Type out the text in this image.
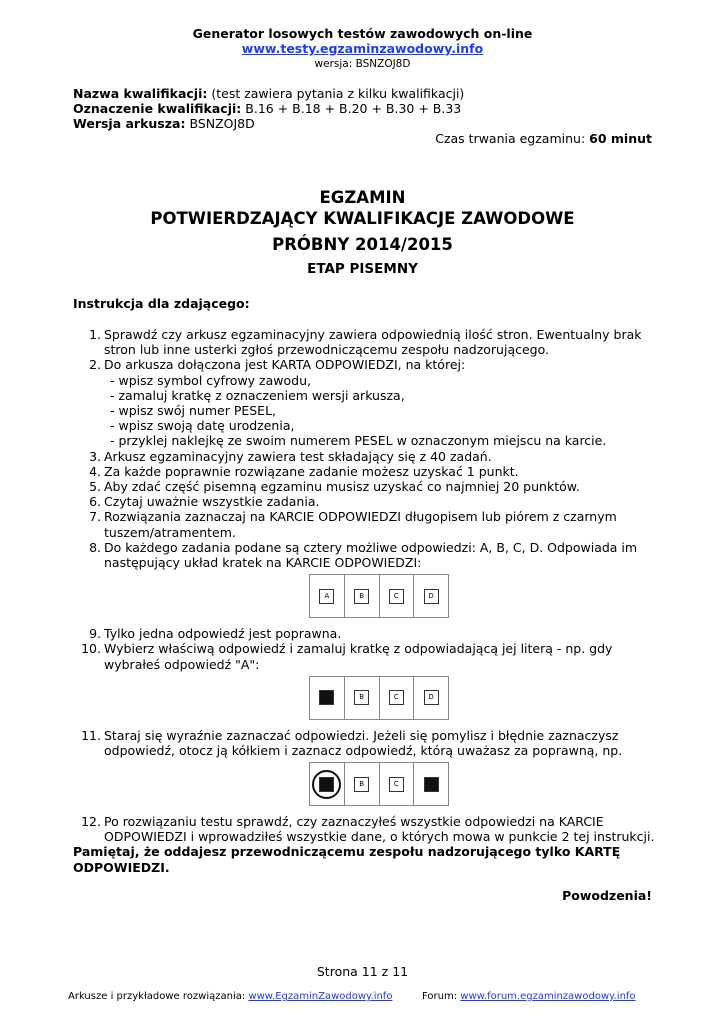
Generator losowych testów zawodowych on-line
www.testy.egzaminzawodowy.info
wersja: BSNZOJ8D
Nazwa kwalifikacji: (test zawiera pytania z kilku kwalifikacji)
Oznaczenie kwalifikacji: B.16 + B.18 + B.20 + B.30 + B.33
Wersja arkusza: BSNZOJ8D
Czas trwania egzaminu: 60 minut
EGZAMIN
POTWIERDZAJĄCY KWALIFIKACJE ZAWODOWE
PRÓBNY 2014/2015
ETAP PISEMNY
Instrukcja dla zdającego:
1. Sprawdź czy arkusz egzaminacyjny zawiera odpowiednią ilość stron. Ewentualny brak stron lub inne usterki zgłoś przewodniczącemu zespołu nadzorującego.
2. Do arkusza dołączona jest KARTA ODPOWIEDZI, na której:
- wpisz symbol cyfrowy zawodu,
- zamaluj kratkę z oznaczeniem wersji arkusza,
- wpisz swój numer PESEL,
- wpisz swoją datę urodzenia,
- przyklej naklejkę ze swoim numerem PESEL w oznaczonym miejscu na karcie.
3. Arkusz egzaminacyjny zawiera test składający się z 40 zadań.
4. Za każde poprawnie rozwiązane zadanie możesz uzyskać 1 punkt.
5. Aby zdać część pisemną egzaminu musisz uzyskać co najmniej 20 punktów.
6. Czytaj uważnie wszystkie zadania.
7. Rozwiązania zaznaczaj na KARCIE ODPOWIEDZI długopisem lub piórem z czarnym tuszem/atramentem.
8. Do każdego zadania podane są cztery możliwe odpowiedzi: A, B, C, D. Odpowiada im następujący układ kratek na KARCIE ODPOWIEDZI:
A	B	C	D
9. Tylko jedna odpowiedź jest poprawna.
10. Wybierz właściwą odpowiedź i zamaluj kratkę z odpowiadającą jej literą - np. gdy wybrałeś odpowiedź "A":
A	B	C	D
11. Staraj się wyraźnie zaznaczać odpowiedzi. Jeżeli się pomylisz i błędnie zaznaczysz odpowiedź, otocz ją kółkiem i zaznacz odpowiedź, którą uważasz za poprawną, np.
A	B	C	D
12. Po rozwiązaniu testu sprawdź, czy zaznaczyłeś wszystkie odpowiedzi na KARCIE ODPOWIEDZI i wprowadziłeś wszystkie dane, o których mowa w punkcie 2 tej instrukcji.
Pamiętaj, że oddajesz przewodniczącemu zespołu nadzorującego tylko KARTĘ ODPOWIEDZI.
Powodzenia!
Strona 11 z 11
Arkusze i przykładowe rozwiązania: www.EgzaminZawodowy.info	Forum: www.forum.egzaminzawodowy.info
